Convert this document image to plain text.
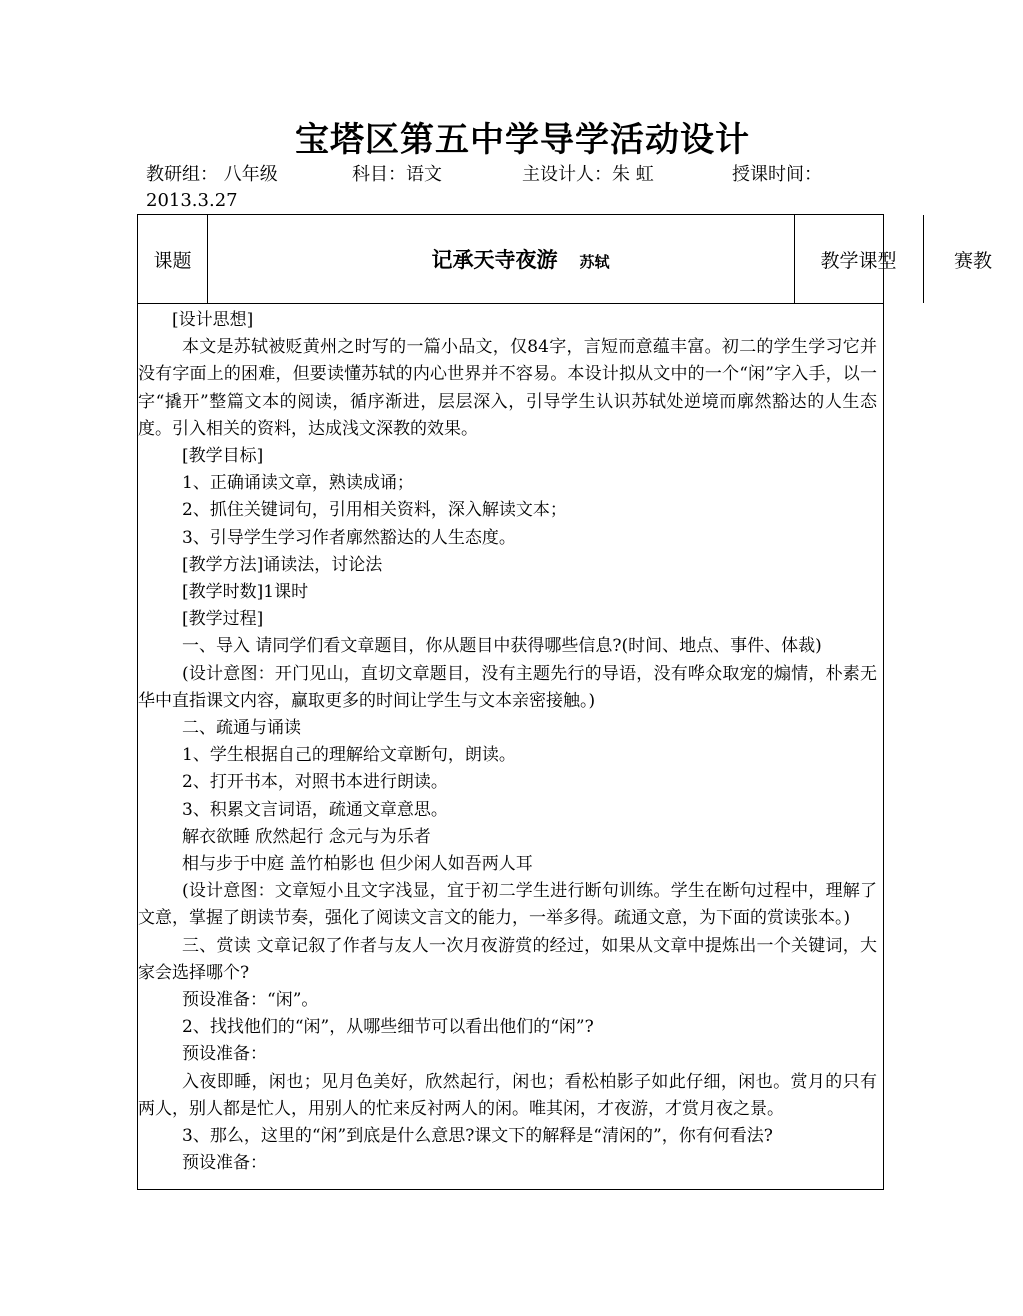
宝塔区第五中学导学活动设计
教研组： 八年级	科目：语文	主设计人：朱 虹	授课时间：
2013.3.27
课题	记承天寺夜游 苏轼	教学课型	赛教

[设计思想]

本文是苏轼被贬黄州之时写的一篇小品文，仅84字，言短而意蕴丰富。初二的学生学习它并没有字面上的困难，但要读懂苏轼的内心世界并不容易。本设计拟从文中的一个“闲”字入手，以一字“撬开”整篇文本的阅读，循序渐进，层层深入，引导学生认识苏轼处逆境而廓然豁达的人生态度。引入相关的资料，达成浅文深教的效果。

[教学目标]

1、正确诵读文章，熟读成诵；

2、抓住关键词句，引用相关资料，深入解读文本；

3、引导学生学习作者廓然豁达的人生态度。

[教学方法]诵读法，讨论法

[教学时数]1课时

[教学过程]

一、导入 请同学们看文章题目，你从题目中获得哪些信息?(时间、地点、事件、体裁)

(设计意图：开门见山，直切文章题目，没有主题先行的导语，没有哗众取宠的煽情，朴素无华中直指课文内容，赢取更多的时间让学生与文本亲密接触。)

二、疏通与诵读

1、学生根据自己的理解给文章断句，朗读。

2、打开书本，对照书本进行朗读。

3、积累文言词语，疏通文章意思。

解衣欲睡 欣然起行 念元与为乐者

相与步于中庭 盖竹柏影也 但少闲人如吾两人耳

(设计意图：文章短小且文字浅显，宜于初二学生进行断句训练。学生在断句过程中，理解了文意，掌握了朗读节奏，强化了阅读文言文的能力，一举多得。疏通文意，为下面的赏读张本。)

三、赏读 文章记叙了作者与友人一次月夜游赏的经过，如果从文章中提炼出一个关键词，大家会选择哪个?

预设准备：“闲”。

2、找找他们的“闲”，从哪些细节可以看出他们的“闲”?

预设准备：

入夜即睡，闲也；见月色美好，欣然起行，闲也；看松柏影子如此仔细，闲也。赏月的只有两人，别人都是忙人，用别人的忙来反衬两人的闲。唯其闲，才夜游，才赏月夜之景。

3、那么，这里的“闲”到底是什么意思?课文下的解释是“清闲的”，你有何看法?

预设准备：
